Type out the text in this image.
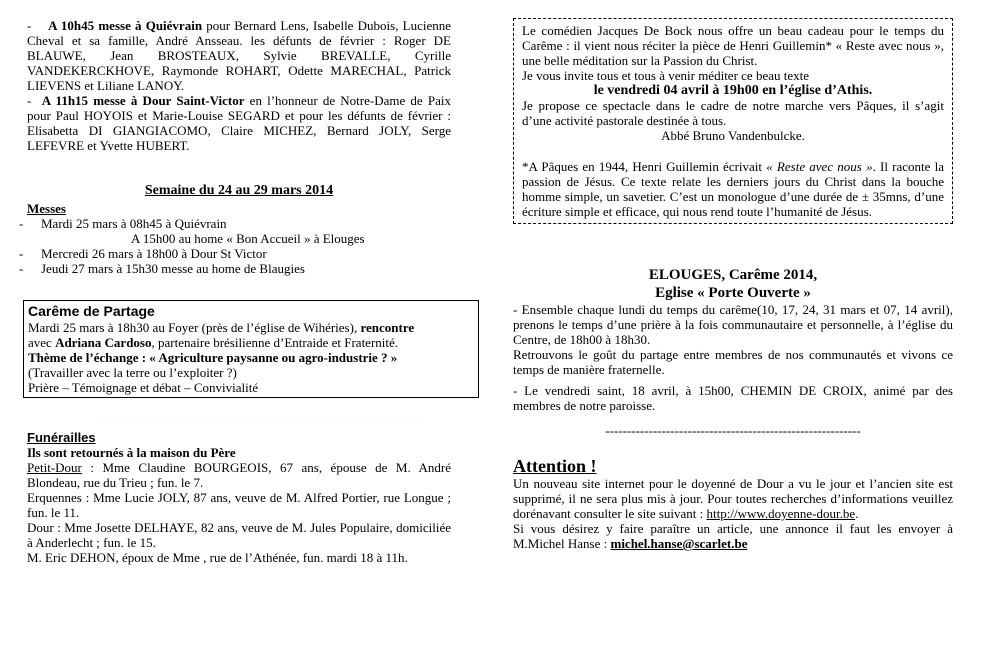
-    A 10h45 messe à Quiévrain pour Bernard Lens, Isabelle Dubois, Lucienne Cheval et sa famille, André Ansseau. les défunts de février : Roger DE BLAUWE, Jean BROSTEAUX, Sylvie BREVALLE, Cyrille VANDEKERCKHOVE, Raymonde ROHART, Odette MARECHAL, Patrick LIEVENS et Liliane LANOY.

-  A 11h15 messe à Dour Saint-Victor en l’honneur de Notre-Dame de Paix pour Paul HOYOIS et Marie-Louise SEGARD et pour les défunts de février : Elisabetta DI GIANGIACOMO, Claire MICHEZ, Bernard JOLY, Serge LEFEVRE et Yvette HUBERT.

Semaine du 24 au 29 mars 2014

Messes

- Mardi 25 mars à 08h45 à Quiévrain

A 15h00 au home « Bon Accueil » à Elouges

- Mercredi 26 mars à 18h00 à Dour St Victor

- Jeudi 27 mars à 15h30 messe au home de Blaugies

Carême de Partage

Mardi 25 mars à 18h30 au Foyer (près de l’église de Wihéries), rencontre

avec Adriana Cardoso, partenaire brésilienne d’Entraide et Fraternité.

Thème de l’échange : « Agriculture paysanne ou agro-industrie ? »

(Travailler avec la terre ou l’exploiter ?)

Prière – Témoignage et débat – Convivialité

___________________________________________________

Funérailles

Ils sont retournés à la maison du Père

Petit-Dour : Mme Claudine BOURGEOIS, 67 ans, épouse de M. André Blondeau, rue du Trieu ; fun. le 7.

Erquennes : Mme Lucie JOLY, 87 ans, veuve de M. Alfred Portier, rue Longue ; fun. le 11.

Dour : Mme Josette DELHAYE, 82 ans, veuve de M. Jules Populaire, domiciliée à Anderlecht ; fun. le 15.

M. Eric DEHON, époux de Mme , rue de l’Athénée, fun. mardi 18 à 11h.

Le comédien Jacques De Bock nous offre un beau cadeau pour le temps du Carême : il vient nous réciter la pièce de Henri Guillemin* « Reste avec nous », une belle méditation sur la Passion du Christ.

Je vous invite tous et tous à venir méditer ce beau texte

le vendredi 04 avril à 19h00 en l’église d’Athis.

Je propose ce spectacle dans le cadre de notre marche vers Pâques, il s’agit d’une activité pastorale destinée à tous.

Abbé Bruno Vandenbulcke.

*A Pâques en 1944, Henri Guillemin écrivait « Reste avec nous ». Il raconte la passion de Jésus. Ce texte relate les derniers jours du Christ dans la bouche homme simple, un savetier. C’est un monologue d’une durée de ± 35mns, d’une écriture simple et efficace, qui nous rend toute l’humanité de Jésus.

ELOUGES, Carême 2014,

Eglise « Porte Ouverte »

- Ensemble chaque lundi du temps du carême(10, 17, 24, 31 mars et 07, 14 avril), prenons le temps d’une prière à la fois communautaire et personnelle, à l’église du Centre, de 18h00 à 18h30.

Retrouvons le goût du partage entre membres de nos communautés et vivons ce temps de manière fraternelle.

- Le vendredi saint, 18 avril, à 15h00, CHEMIN DE CROIX, animé par des membres de notre paroisse.

-----------------------------------------------------------

Attention !

Un nouveau site internet pour le doyenné de Dour a vu le jour et l’ancien site est supprimé, il ne sera plus mis à jour. Pour toutes recherches d’informations veuillez dorénavant consulter le site suivant : http://www.doyenne-dour.be.

Si vous désirez y faire paraître un article, une annonce il faut les envoyer à M.Michel Hanse : michel.hanse@scarlet.be
